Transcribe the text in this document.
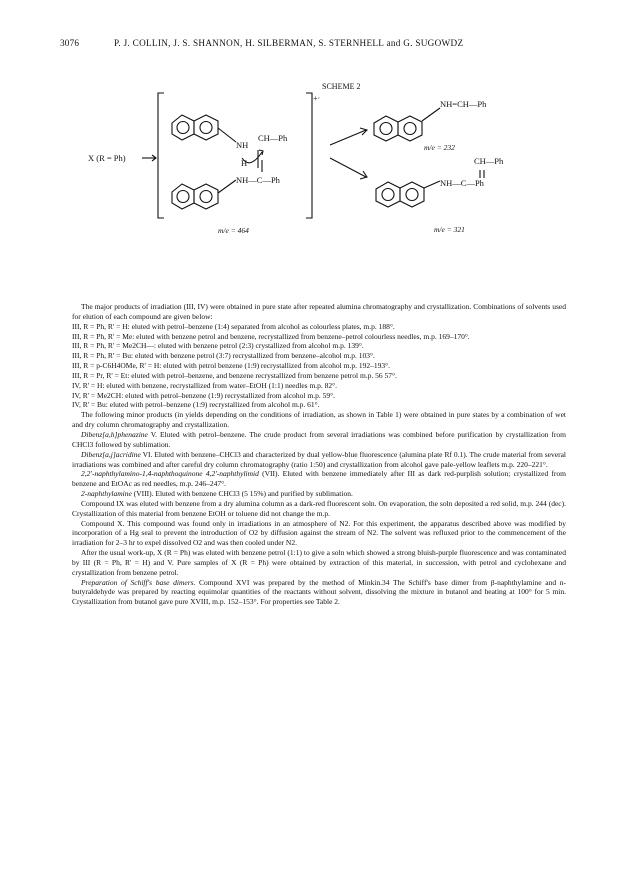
3076	P. J. COLLIN, J. S. SHANNON, H. SILBERMAN, S. STERNHELL and G. SUGOWDZ
SCHEME 2
+·
X (R = Ph)
NH
CH—Ph
H
NH—C—Ph
m/e = 464
NH=CH—Ph
m/e = 232
CH—Ph
NH—C—Ph
m/e = 321

The major products of irradiation (III, IV) were obtained in pure state after repeated alumina chromatography and crystallization. Combinations of solvents used for elution of each compound are given below:

III, R = Ph, R' = H: eluted with petrol–benzene (1:4) separated from alcohol as colourless plates, m.p. 188°.

III, R = Ph, R' = Me: eluted with benzene petrol and benzene, recrystallized from benzene–petrol colourless needles, m.p. 169–170°.

III, R = Ph, R' = Me2CH—: eluted with benzene petrol (2:3) crystallized from alcohol m.p. 139°.

III, R = Ph, R' = Bu: eluted with benzene petrol (3:7) recrystallized from benzene–alcohol m.p. 103°.

III, R = p-C6H4OMe, R' = H: eluted with petrol benzene (1:9) recrystallized from alcohol m.p. 192–193°.

III, R = Pr, R' = Et: eluted with petrol–benzene, and benzene recrystallized from benzene petrol m.p. 56 57°.

IV, R' = H: eluted with benzene, recrystallized from water–EtOH (1:1) needles m.p. 82°.

IV, R' = Me2CH: eluted with petrol–benzene (1:9) recrystallized from alcohol m.p. 59°.

IV, R' = Bu: eluted with petrol–benzene (1:9) recrystallized from alcohol m.p. 61°.

The following minor products (in yields depending on the conditions of irradiation, as shown in Table 1) were obtained in pure states by a combination of wet and dry column chromatography and crystallization.

Dibenz[a,h]phenazine V. Eluted with petrol–benzene. The crude product from several irradiations was combined before purification by crystallization from CHCl3 followed by sublimation.

Dibenz[a,j]acridine VI. Eluted with benzene–CHCl3 and characterized by dual yellow-blue fluorescence (alumina plate Rf 0.1). The crude material from several irradiations was combined and after careful dry column chromatography (ratio 1:50) and crystallization from alcohol gave pale-yellow leaflets m.p. 220–221°.

2,2'-naphthylamino-1,4-naphthoquinone 4,2'-naphthylimid (VII). Eluted with benzene immediately after III as dark red-purplish solution; crystallized from benzene and EtOAc as red needles, m.p. 246–247°.

2-naphthylamine (VIII). Eluted with benzene CHCl3 (5 15%) and purified by sublimation.

Compound IX was eluted with benzene from a dry alumina column as a dark-red fluorescent soln. On evaporation, the soln deposited a red solid, m.p. 244 (dec). Crystallization of this material from benzene EtOH or toluene did not change the m.p.

Compound X. This compound was found only in irradiations in an atmosphere of N2. For this experiment, the apparatus described above was modified by incorporation of a Hg seal to prevent the introduction of O2 by diffusion against the stream of N2. The solvent was refluxed prior to the commencement of the irradiation for 2–3 hr to expel dissolved O2 and was then cooled under N2.

After the usual work-up, X (R = Ph) was eluted with benzene petrol (1:1) to give a soln which showed a strong bluish-purple fluorescence and was contaminated by III (R = Ph, R' = H) and V. Pure samples of X (R = Ph) were obtained by extraction of this material, in succession, with petrol and cyclohexane and crystallization from benzene petrol.

Preparation of Schiff's base dimers. Compound XVI was prepared by the method of Minkin.34 The Schiff's base dimer from β-naphthylamine and n-butyraldehyde was prepared by reacting equimolar quantities of the reactants without solvent, dissolving the mixture in butanol and heating at 100° for 5 min. Crystallization from butanol gave pure XVIII, m.p. 152–153°. For properties see Table 2.
